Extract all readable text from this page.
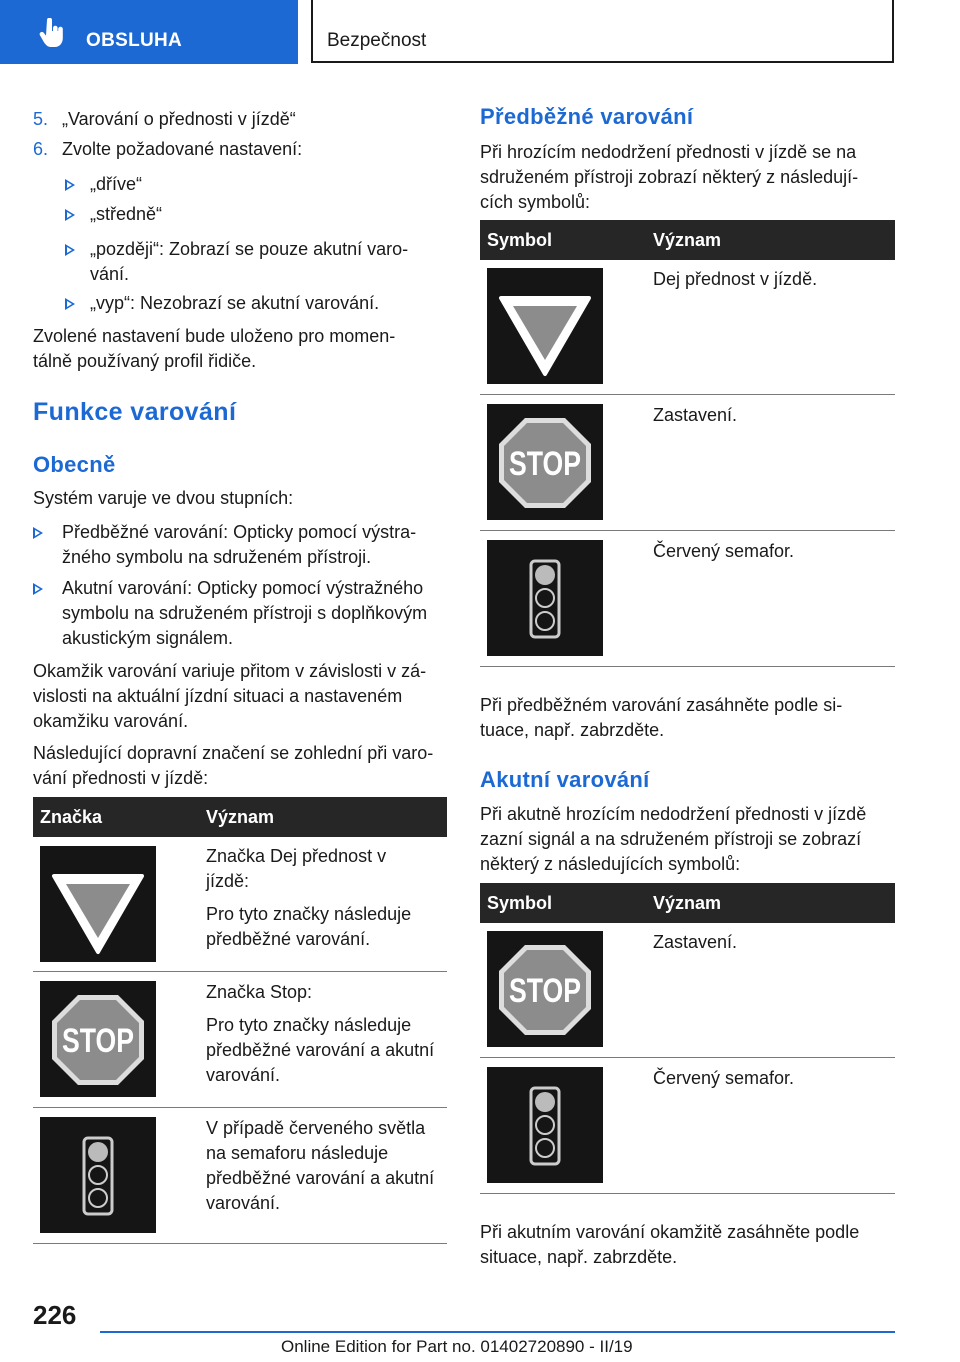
OBSLUHA	Bezpečnost
5. „Varování o přednosti v jízdě“
6. Zvolte požadované nastavení:
„dříve“
„středně“
„později“: Zobrazí se pouze akutní varo-
vání.
„vyp“: Nezobrazí se akutní varování.
Zvolené nastavení bude uloženo pro momen-
tálně používaný profil řidiče.
Funkce varování
Obecně
Systém varuje ve dvou stupních:
Předběžné varování: Opticky pomocí výstra-
žného symbolu na sdruženém přístroji.
Akutní varování: Opticky pomocí výstražného
symbolu na sdruženém přístroji s doplňkovým
akustickým signálem.
Okamžik varování variuje přitom v závislosti v zá-
vislosti na aktuální jízdní situaci a nastaveném
okamžiku varování.
Následující dopravní značení se zohlední při varo-
vání přednosti v jízdě:
Značka	Význam
Značka Dej přednost v
jízdě:
Pro tyto značky následuje
předběžné varování.
STOP
Značka Stop:
Pro tyto značky následuje
předběžné varování a akutní
varování.
V případě červeného světla
na semaforu následuje
předběžné varování a akutní
varování.
Předběžné varování
Při hrozícím nedodržení přednosti v jízdě se na
sdruženém přístroji zobrazí některý z následují-
cích symbolů:
Symbol	Význam
Dej přednost v jízdě.
STOP
Zastavení.
Červený semafor.
Při předběžném varování zasáhněte podle si-
tuace, např. zabrzděte.
Akutní varování
Při akutně hrozícím nedodržení přednosti v jízdě
zazní signál a na sdruženém přístroji se zobrazí
některý z následujících symbolů:
Symbol	Význam
STOP
Zastavení.
Červený semafor.
Při akutním varování okamžitě zasáhněte podle
situace, např. zabrzděte.
226
Online Edition for Part no. 01402720890 - II/19
